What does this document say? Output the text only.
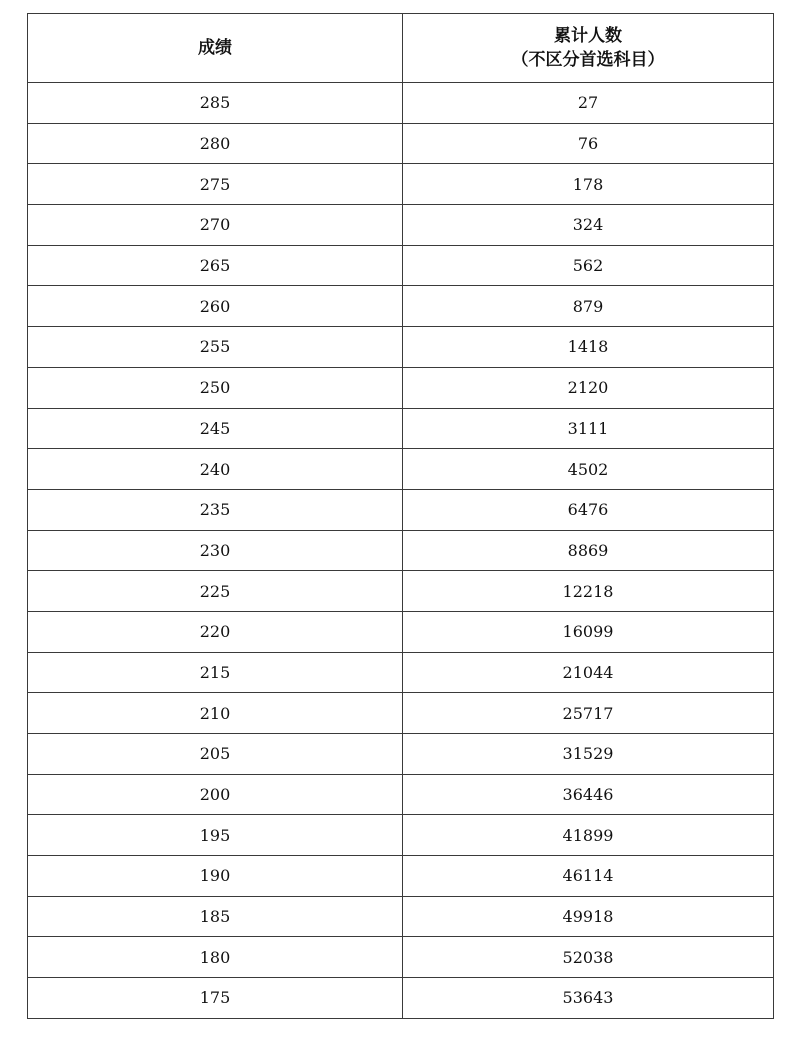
成绩	累计人数
（不区分首选科目）

285	27
280	76
275	178
270	324
265	562
260	879
255	1418
250	2120
245	3111
240	4502
235	6476
230	8869
225	12218
220	16099
215	21044
210	25717
205	31529
200	36446
195	41899
190	46114
185	49918
180	52038
175	53643
